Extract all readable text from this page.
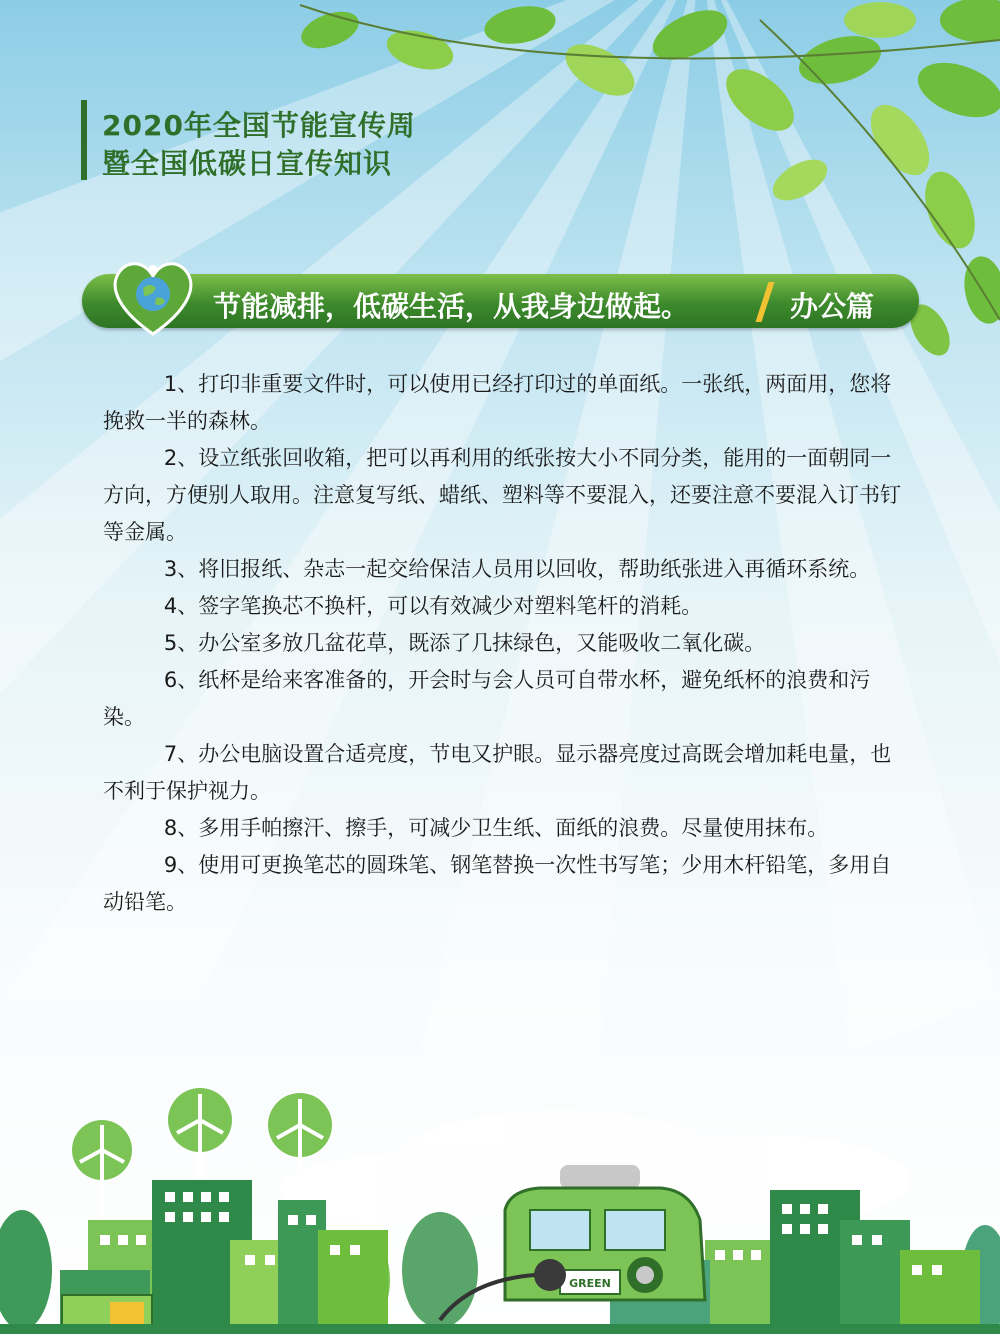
2020年全国节能宣传周
暨全国低碳日宣传知识
节能减排，低碳生活，从我身边做起。	办公篇

1、打印非重要文件时，可以使用已经打印过的单面纸。一张纸，两面用，您将挽救一半的森林。

2、设立纸张回收箱，把可以再利用的纸张按大小不同分类，能用的一面朝同一方向，方便别人取用。注意复写纸、蜡纸、塑料等不要混入，还要注意不要混入订书钉等金属。

3、将旧报纸、杂志一起交给保洁人员用以回收，帮助纸张进入再循环系统。

4、签字笔换芯不换杆，可以有效减少对塑料笔杆的消耗。

5、办公室多放几盆花草，既添了几抹绿色，又能吸收二氧化碳。

6、纸杯是给来客准备的，开会时与会人员可自带水杯，避免纸杯的浪费和污染。

7、办公电脑设置合适亮度，节电又护眼。显示器亮度过高既会增加耗电量，也不利于保护视力。

8、多用手帕擦汗、擦手，可减少卫生纸、面纸的浪费。尽量使用抹布。

9、使用可更换笔芯的圆珠笔、钢笔替换一次性书写笔；少用木杆铅笔，多用自动铅笔。

GREEN
